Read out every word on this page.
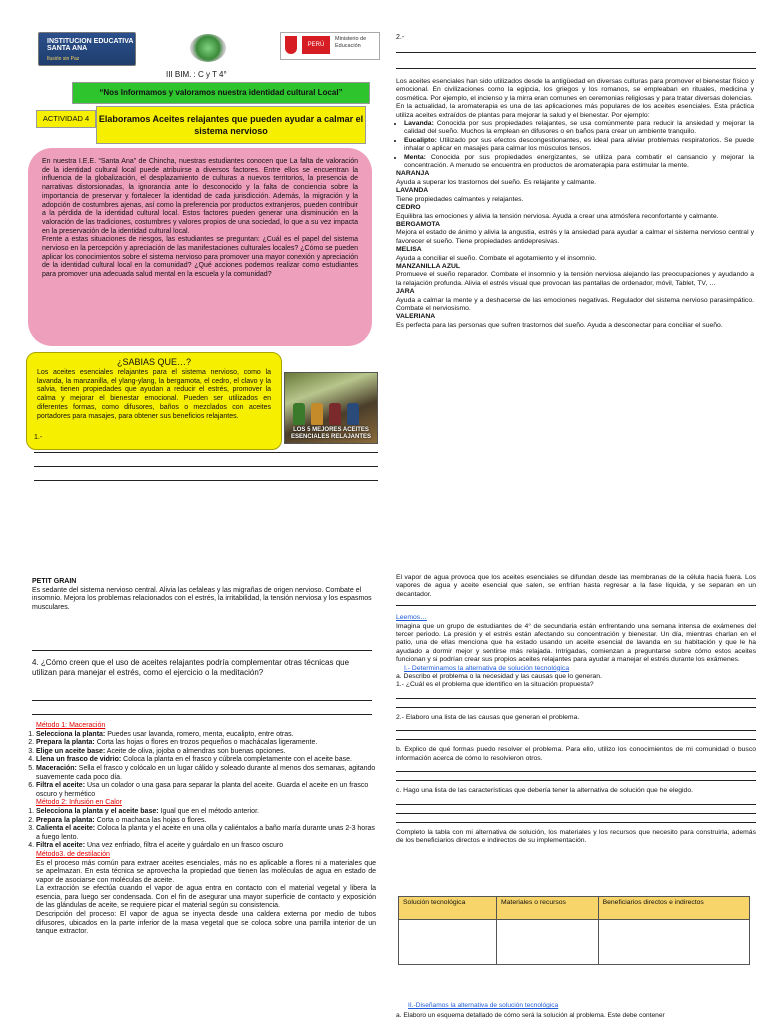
INSTITUCION EDUCATIVA SANTA ANA
Ilusión sin Paz
PERÚ
Ministerio de Educación
III BIM. : C y T 4°
“Nos Informamos y valoramos nuestra identidad cultural Local”
ACTIVIDAD 4	Elaboramos Aceites relajantes que pueden ayudar a calmar el sistema nervioso
En nuestra I.E.E. “Santa Ana” de Chincha, nuestras estudiantes conocen que La falta de valoración de la identidad cultural local puede atribuirse a diversos factores. Entre ellos se encuentran la influencia de la globalización, el desplazamiento de culturas a nuevos territorios, la presencia de narrativas distorsionadas, la ignorancia ante lo desconocido y la falta de conciencia sobre la importancia de preservar y fortalecer la identidad de cada jurisdicción. Además, la migración y la adopción de costumbres ajenas, así como la preferencia por productos extranjeros, pueden contribuir a la pérdida de la identidad cultural local. Estos factores pueden generar una disminución en la valoración de las tradiciones, costumbres y valores propios de una sociedad, lo que a su vez impacta en la preservación de la identidad cultural local.
Frente a estas situaciones de riesgos, las estudiantes se preguntan: ¿Cuál es el papel del sistema nervioso en la percepción y apreciación de las manifestaciones culturales locales? ¿Cómo se pueden aplicar los conocimientos sobre el sistema nervioso para promover una mayor conexión y apreciación de la identidad cultural local en la comunidad? ¿Qué acciones podemos realizar como estudiantes para promover una adecuada salud mental en la escuela y la comunidad?
¿SABIAS QUE…?

Los aceites esenciales relajantes para el sistema nervioso, como la lavanda, la manzanilla, el ylang-ylang, la bergamota, el cedro, el clavo y la salvia, tienen propiedades que ayudan a reducir el estrés, promover la calma y mejorar el bienestar emocional. Pueden ser utilizados en diferentes formas, como difusores, baños o mezclados con aceites portadores para masajes, para obtener sus beneficios relajantes.

LOS 5 MEJORES ACEITES ESENCIALES RELAJANTES
1.-
2.-

Los aceites esenciales han sido utilizados desde la antigüedad en diversas culturas para promover el bienestar físico y emocional. En civilizaciones como la egipcia, los griegos y los romanos, se empleaban en rituales, medicina y cosmética. Por ejemplo, el incienso y la mirra eran comunes en ceremonias religiosas y para tratar diversas dolencias.

En la actualidad, la aromaterapia es una de las aplicaciones más populares de los aceites esenciales. Esta práctica utiliza aceites extraídos de plantas para mejorar la salud y el bienestar. Por ejemplo:

• Lavanda: Conocida por sus propiedades relajantes, se usa comúnmente para reducir la ansiedad y mejorar la calidad del sueño. Muchos la emplean en difusores o en baños para crear un ambiente tranquilo.
• Eucalipto: Utilizado por sus efectos descongestionantes, es ideal para aliviar problemas respiratorios. Se puede inhalar o aplicar en masajes para calmar los músculos tensos.
• Menta: Conocida por sus propiedades energizantes, se utiliza para combatir el cansancio y mejorar la concentración. A menudo se encuentra en productos de aromaterapia para estimular la mente.

NARANJA

Ayuda a superar los trastornos del sueño. Es relajante y calmante.

LAVANDA

Tiene propiedades calmantes y relajantes.

CEDRO

Equilibra las emociones y alivia la tensión nerviosa. Ayuda a crear una atmósfera reconfortante y calmante.

BERGAMOTA

Mejora el estado de ánimo y alivia la angustia, estrés y la ansiedad para ayudar a calmar el sistema nervioso central y favorecer el sueño. Tiene propiedades antidepresivas.

MELISA

Ayuda a conciliar el sueño. Combate el agotamiento y el insomnio.

MANZANILLA AZUL

Promueve el sueño reparador. Combate el insomnio y la tensión nerviosa alejando las preocupaciones y ayudando a la relajación profunda. Alivia el estrés visual que provocan las pantallas de ordenador, móvil, Tablet, TV, …

JARA

Ayuda a calmar la mente y a deshacerse de las emociones negativas. Regulador del sistema nervioso parasimpático. Combate el nerviosismo.

VALERIANA

Es perfecta para las personas que sufren trastornos del sueño. Ayuda a desconectar para conciliar el sueño.

PETIT GRAIN

Es sedante del sistema nervioso central. Alivia las cefaleas y las migrañas de origen nervioso. Combate el insomnio. Mejora los problemas relacionados con el estrés, la irritabilidad, la tensión nerviosa y los espasmos musculares.

4. ¿Cómo creen que el uso de aceites relajantes podría complementar otras técnicas que utilizan para manejar el estrés, como el ejercicio o la meditación?
Método 1: Maceración
1. Selecciona la planta: Puedes usar lavanda, romero, menta, eucalipto, entre otras.
2. Prepara la planta: Corta las hojas o flores en trozos pequeños o machácalas ligeramente.
3. Elige un aceite base: Aceite de oliva, jojoba o almendras son buenas opciones.
4. Llena un frasco de vidrio: Coloca la planta en el frasco y cúbrela completamente con el aceite base.
5. Maceración: Sella el frasco y colócalo en un lugar cálido y soleado durante al menos dos semanas, agitando suavemente cada poco día.
6. Filtra el aceite: Usa un colador o una gasa para separar la planta del aceite. Guarda el aceite en un frasco oscuro y hermético
Método 2: Infusión en Calor
1. Selecciona la planta y el aceite base: Igual que en el método anterior.
2. Prepara la planta: Corta o machaca las hojas o flores.
3. Calienta el aceite: Coloca la planta y el aceite en una olla y caliéntalos a baño maría durante unas 2-3 horas a fuego lento.
4. Filtra el aceite: Una vez enfriado, filtra el aceite y guárdalo en un frasco oscuro
Método3. de destilación

Es el proceso más común para extraer aceites esenciales, más no es aplicable a flores ni a materiales que se apelmazan. En esta técnica se aprovecha la propiedad que tienen las moléculas de agua en estado de vapor de asociarse con moléculas de aceite.

La extracción se efectúa cuando el vapor de agua entra en contacto con el material vegetal y libera la esencia, para luego ser condensada. Con el fin de asegurar una mayor superficie de contacto y exposición de las glándulas de aceite, se requiere picar el material según su consistencia.

Descripción del proceso: El vapor de agua se inyecta desde una caldera externa por medio de tubos difusores, ubicados en la parte inferior de la masa vegetal que se coloca sobre una parrilla interior de un tanque extractor.

El vapor de agua provoca que los aceites esenciales se difundan desde las membranas de la célula hacia fuera. Los vapores de agua y aceite esencial que salen, se enfrían hasta regresar a la fase líquida, y se separan en un decantador.

Leemos…

Imagina que un grupo de estudiantes de 4° de secundaria están enfrentando una semana intensa de exámenes del tercer periodo. La presión y el estrés están afectando su concentración y bienestar. Un día, mientras charlan en el patio, una de ellas menciona que ha estado usando un aceite esencial de lavanda en su habitación y que le ha ayudado a dormir mejor y sentirse más relajada. Intrigadas, comienzan a preguntarse sobre cómo estos aceites funcionan y si podrían crear sus propios aceites relajantes para ayudar a manejar el estrés durante los exámenes.

I.- Determinamos la alternativa de solución tecnológica

a. Describo el problema o la necesidad y las causas que lo generan.

1.- ¿Cuál es el problema que identifico en la situación propuesta?

2.- Elaboro una lista de las causas que generan el problema.

b. Explico de qué formas puedo resolver el problema. Para ello, utilizo los conocimientos de mi comunidad o busco información acerca de cómo lo resolvieron otros.

c. Hago una lista de las características que debería tener la alternativa de solución que he elegido.

Completo la tabla con mi alternativa de solución, los materiales y los recursos que necesito para construirla, además de los beneficiarios directos e indirectos de su implementación.

Solución tecnológica	Materiales o recursos	Beneficiarios directos e indirectos

II.-Diseñamos la alternativa de solución tecnológica
a. Elaboro un esquema detallado de cómo será la solución al problema. Este debe contener
